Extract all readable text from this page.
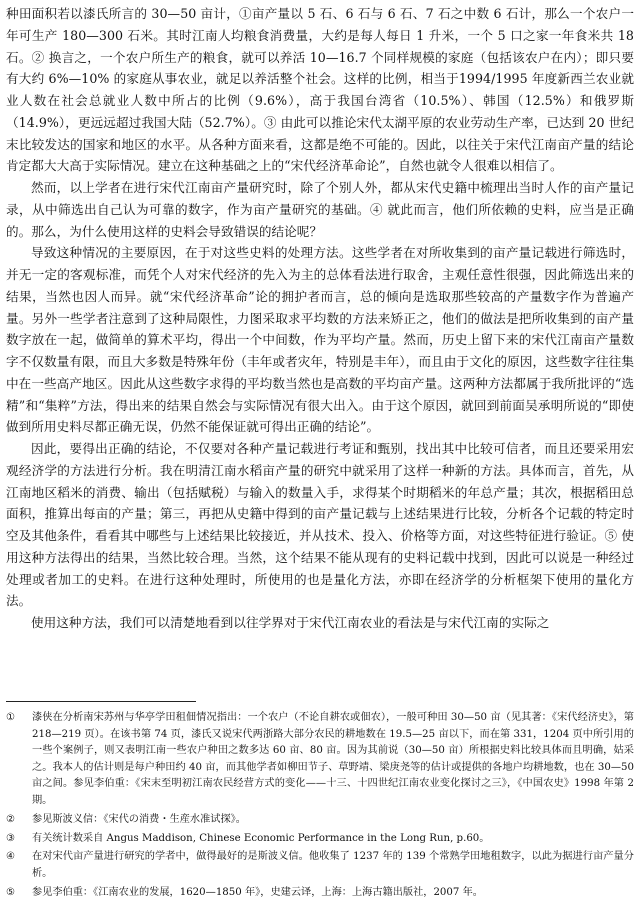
种田面积若以漆氏所言的 30—50 亩计，①亩产量以 5 石、6 石与 6 石、7 石之中数 6 石计，那么一个农户一年可生产 180—300 石米。其时江南人均粮食消费量，大约是每人每日 1 升米，一个 5 口之家一年食米共 18 石。② 换言之，一个农户所生产的粮食，就可以养活 10—16.7 个同样规模的家庭（包括该农户在内）；即只要有大约 6%—10% 的家庭从事农业，就足以养活整个社会。这样的比例，相当于1994/1995 年度新西兰农业就业人数在社会总就业人数中所占的比例（9.6%），高于我国台湾省（10.5%）、韩国（12.5%）和俄罗斯（14.9%），更远远超过我国大陆（52.7%）。③ 由此可以推论宋代太湖平原的农业劳动生产率，已达到 20 世纪末比较发达的国家和地区的水平。从各种方面来看，这都是绝不可能的。因此，以往关于宋代江南亩产量的结论肯定都大大高于实际情况。建立在这种基础之上的“宋代经济革命论”，自然也就令人很难以相信了。

然而，以上学者在进行宋代江南亩产量研究时，除了个别人外，都从宋代史籍中梳理出当时人作的亩产量记录，从中筛选出自己认为可靠的数字，作为亩产量研究的基础。④ 就此而言，他们所依赖的史料，应当是正确的。那么，为什么使用这样的史料会导致错误的结论呢？

导致这种情况的主要原因，在于对这些史料的处理方法。这些学者在对所收集到的亩产量记载进行筛选时，并无一定的客观标准，而凭个人对宋代经济的先入为主的总体看法进行取舍，主观任意性很强，因此筛选出来的结果，当然也因人而异。就“宋代经济革命”论的拥护者而言，总的倾向是选取那些较高的产量数字作为普遍产量。另外一些学者注意到了这种局限性，力图采取求平均数的方法来矫正之，他们的做法是把所收集到的亩产量数字放在一起，做简单的算术平均，得出一个中间数，作为平均产量。然而，历史上留下来的宋代江南亩产量数字不仅数量有限，而且大多数是特殊年份（丰年或者灾年，特别是丰年），而且由于文化的原因，这些数字往往集中在一些高产地区。因此从这些数字求得的平均数当然也是高数的平均亩产量。这两种方法都属于我所批评的“选精”和“集粹”方法，得出来的结果自然会与实际情况有很大出入。由于这个原因，就回到前面吴承明所说的“即使做到所用史料尽都正确无误，仍然不能保证就可得出正确的结论”。

因此，要得出正确的结论，不仅要对各种产量记载进行考证和甄别，找出其中比较可信者，而且还要采用宏观经济学的方法进行分析。我在明清江南水稻亩产量的研究中就采用了这样一种新的方法。具体而言，首先，从江南地区稻米的消费、输出（包括赋税）与输入的数量入手，求得某个时期稻米的年总产量；其次，根据稻田总面积，推算出每亩的产量；第三，再把从史籍中得到的亩产量记载与上述结果进行比较，分析各个记载的特定时空及其他条件，看看其中哪些与上述结果比较接近，并从技术、投入、价格等方面，对这些特征进行验证。⑤ 使用这种方法得出的结果，当然比较合理。当然，这个结果不能从现有的史料记载中找到，因此可以说是一种经过处理或者加工的史料。在进行这种处理时，所使用的也是量化方法，亦即在经济学的分析框架下使用的量化方法。

使用这种方法，我们可以清楚地看到以往学界对于宋代江南农业的看法是与宋代江南的实际之

①	漆侠在分析南宋苏州与华亭学田租佃情况指出：一个农户（不论自耕农或佃农），一般可种田 30—50 亩（见其著：《宋代经济史》，第 218—219 页）。在该书第 74 页，漆氏又说宋代两浙路大部分农民的耕地数在 19.5—25 亩以下，而在第 331，1204 页中所引用的一些个案例子，则又表明江南一些农户种田之数多达 60 亩、80 亩。因为其前说（30—50 亩）所根据史料比较具体而且明确，姑采之。我本人的估计则是每户种田约 40 亩，而其他学者如柳田节子、草野靖、梁庚尧等的估计或提供的各地户均耕地数，也在 30—50 亩之间。参见李伯重：《宋末至明初江南农民经营方式的变化——十三、十四世纪江南农业变化探讨之三》，《中国农史》1998 年第 2 期。
②	参见斯波义信：《宋代の消费・生産水准试探》。
③	有关统计数采自 Angus Maddison, Chinese Economic Performance in the Long Run, p.60。
④	在对宋代亩产量进行研究的学者中，做得最好的是斯波义信。他收集了 1237 年的 139 个常熟学田地租数字，以此为据进行亩产量分析。
⑤	参见李伯重：《江南农业的发展，1620—1850 年》，史建云译，上海：上海古籍出版社，2007 年。
